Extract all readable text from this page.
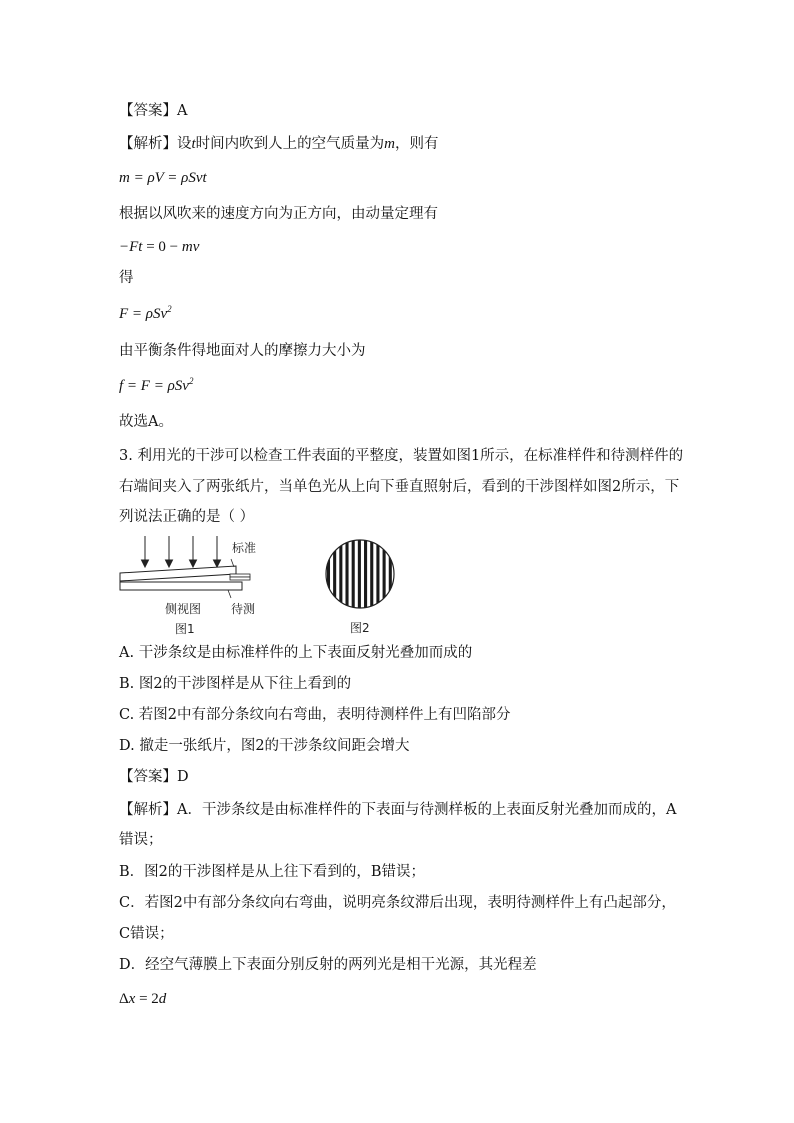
【答案】A
【解析】设t时间内吹到人上的空气质量为m，则有
m = ρV = ρSvt
根据以风吹来的速度方向为正方向，由动量定理有
−Ft = 0 − mv
得
F = ρSv$^2$
由平衡条件得地面对人的摩擦力大小为
f = F = ρSv$^2$
故选A。
3. 利用光的干涉可以检查工件表面的平整度，装置如图1所示，在标准样件和待测样件的
右端间夹入了两张纸片，当单色光从上向下垂直照射后，看到的干涉图样如图2所示，下
列说法正确的是（ ）
标准
侧视图 待测
图1	图2
A. 干涉条纹是由标准样件的上下表面反射光叠加而成的
B. 图2的干涉图样是从下往上看到的
C. 若图2中有部分条纹向右弯曲，表明待测样件上有凹陷部分
D. 撤走一张纸片，图2的干涉条纹间距会增大
【答案】D
【解析】A．干涉条纹是由标准样件的下表面与待测样板的上表面反射光叠加而成的，A
错误；
B．图2的干涉图样是从上往下看到的，B错误；
C．若图2中有部分条纹向右弯曲，说明亮条纹滞后出现，表明待测样件上有凸起部分，
C错误；
D．经空气薄膜上下表面分别反射的两列光是相干光源，其光程差
Δx = 2d
